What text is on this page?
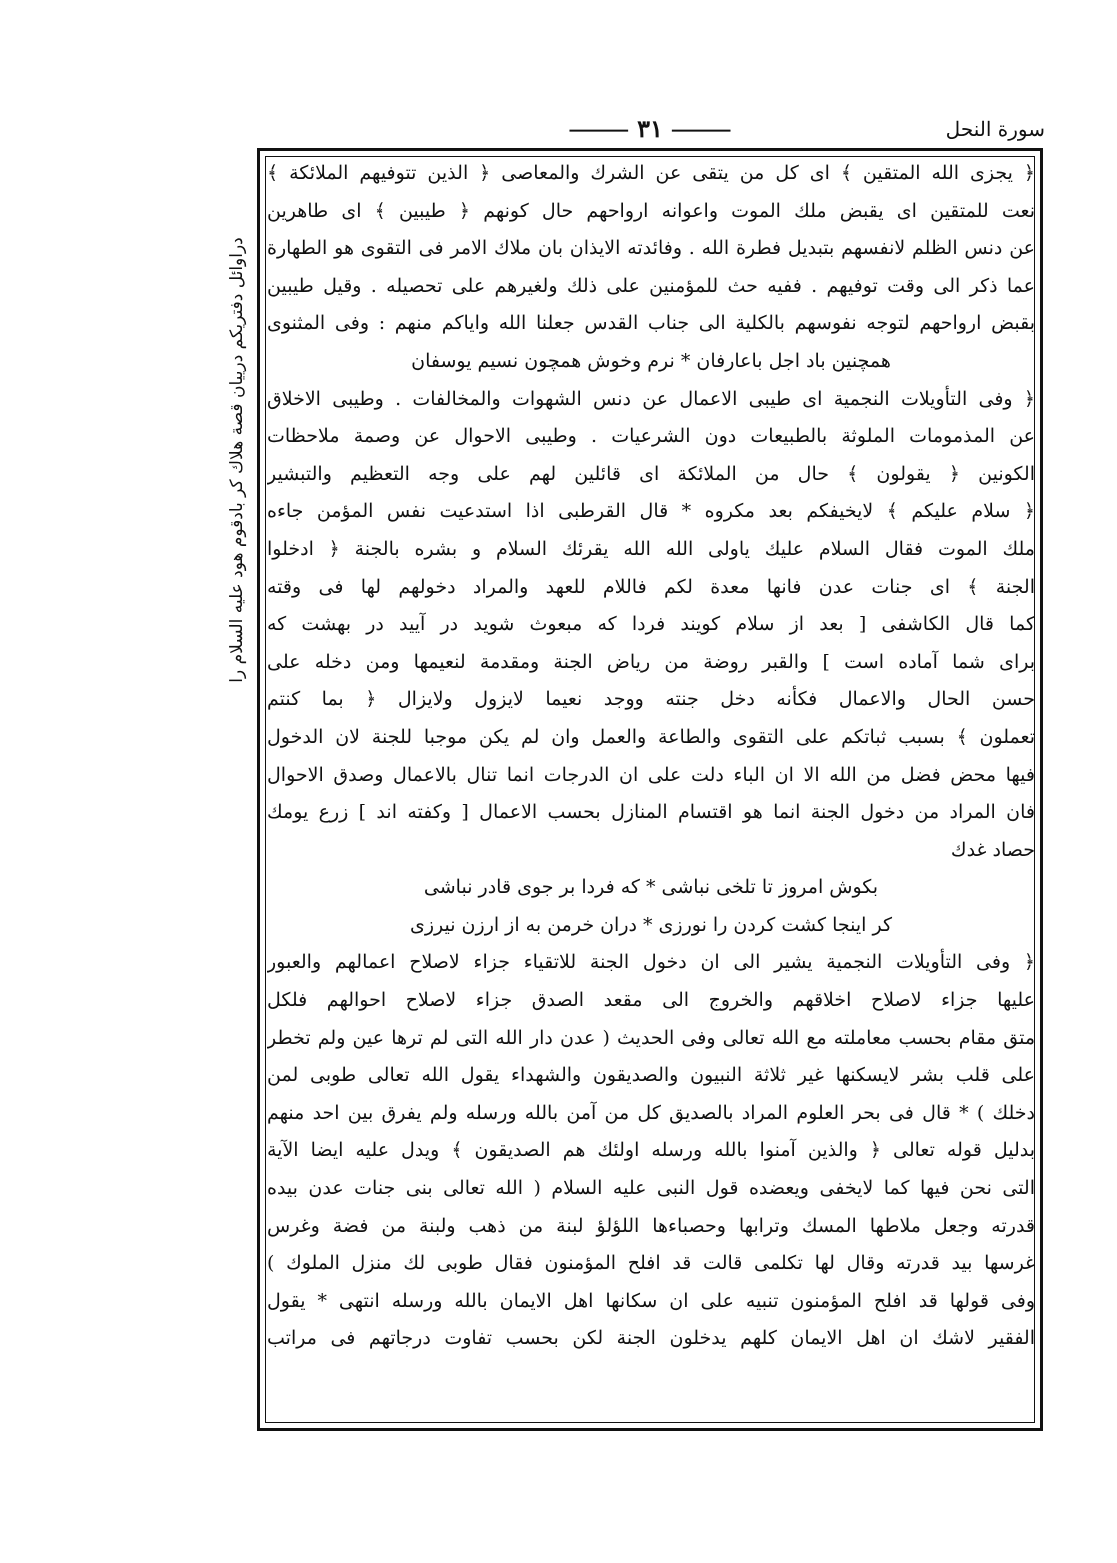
سورة النحل
⸻ ٣١ ⸻
دراوائل دفتريكم درييان قصة هلاك كر بادقوم هود عليه السلام را
﴿ يجزى الله المتقين ﴾ اى كل من يتقى عن الشرك والمعاصى ﴿ الذين تتوفيهم الملائكة ﴾
نعت للمتقين اى يقبض ملك الموت واعوانه ارواحهم حال كونهم ﴿ طيبين ﴾ اى طاهرين
عن دنس الظلم لانفسهم بتبديل فطرة الله . وفائدته الايذان بان ملاك الامر فى التقوى هو الطهارة
عما ذكر الى وقت توفيهم . ففيه حث للمؤمنين على ذلك ولغيرهم على تحصيله . وقيل طيبين
بقبض ارواحهم لتوجه نفوسهم بالكلية الى جناب القدس جعلنا الله واياكم منهم : وفى المثنوى
همچنين باد اجل باعارفان * نرم وخوش همچون نسيم يوسفان
﴿ وفى التأويلات النجمية اى طيبى الاعمال عن دنس الشهوات والمخالفات . وطيبى الاخلاق
عن المذمومات الملوثة بالطبيعات دون الشرعيات . وطيبى الاحوال عن وصمة ملاحظات
الكونين ﴿ يقولون ﴾ حال من الملائكة اى قائلين لهم على وجه التعظيم والتبشير
﴿ سلام عليكم ﴾ لايخيفكم بعد مكروه * قال القرطبى اذا استدعيت نفس المؤمن جاءه
ملك الموت فقال السلام عليك ياولى الله الله يقرئك السلام و بشره بالجنة ﴿ ادخلوا
الجنة ﴾ اى جنات عدن فانها معدة لكم فاللام للعهد والمراد دخولهم لها فى وقته
كما قال الكاشفى [ بعد از سلام كويند فردا كه مبعوث شويد در آييد در بهشت كه
براى شما آماده است ] والقبر روضة من رياض الجنة ومقدمة لنعيمها ومن دخله على
حسن الحال والاعمال فكأنه دخل جنته ووجد نعيما لايزول ولايزال ﴿ بما كنتم
تعملون ﴾ بسبب ثباتكم على التقوى والطاعة والعمل وان لم يكن موجبا للجنة لان الدخول
فيها محض فضل من الله الا ان الباء دلت على ان الدرجات انما تنال بالاعمال وصدق الاحوال
فان المراد من دخول الجنة انما هو اقتسام المنازل بحسب الاعمال [ وكفته اند ] زرع يومك
حصاد غدك
بكوش امروز تا تلخى نباشى * كه فردا بر جوى قادر نباشى
كر اينجا كشت كردن را نورزى * دران خرمن به از ارزن نيرزى
﴿ وفى التأويلات النجمية يشير الى ان دخول الجنة للاتقياء جزاء لاصلاح اعمالهم والعبور
عليها جزاء لاصلاح اخلاقهم والخروج الى مقعد الصدق جزاء لاصلاح احوالهم فلكل
متق مقام بحسب معاملته مع الله تعالى وفى الحديث ( عدن دار الله التى لم ترها عين ولم تخطر
على قلب بشر لايسكنها غير ثلاثة النبيون والصديقون والشهداء يقول الله تعالى طوبى لمن
دخلك ) * قال فى بحر العلوم المراد بالصديق كل من آمن بالله ورسله ولم يفرق بين احد منهم
بدليل قوله تعالى ﴿ والذين آمنوا بالله ورسله اولئك هم الصديقون ﴾ ويدل عليه ايضا الآية
التى نحن فيها كما لايخفى ويعضده قول النبى عليه السلام ( الله تعالى بنى جنات عدن بيده
قدرته وجعل ملاطها المسك وترابها وحصباءها اللؤلؤ لبنة من ذهب ولبنة من فضة وغرس
غرسها بيد قدرته وقال لها تكلمى قالت قد افلح المؤمنون فقال طوبى لك منزل الملوك )
وفى قولها قد افلح المؤمنون تنبيه على ان سكانها اهل الايمان بالله ورسله انتهى * يقول
الفقير لاشك ان اهل الايمان كلهم يدخلون الجنة لكن بحسب تفاوت درجاتهم فى مراتب
